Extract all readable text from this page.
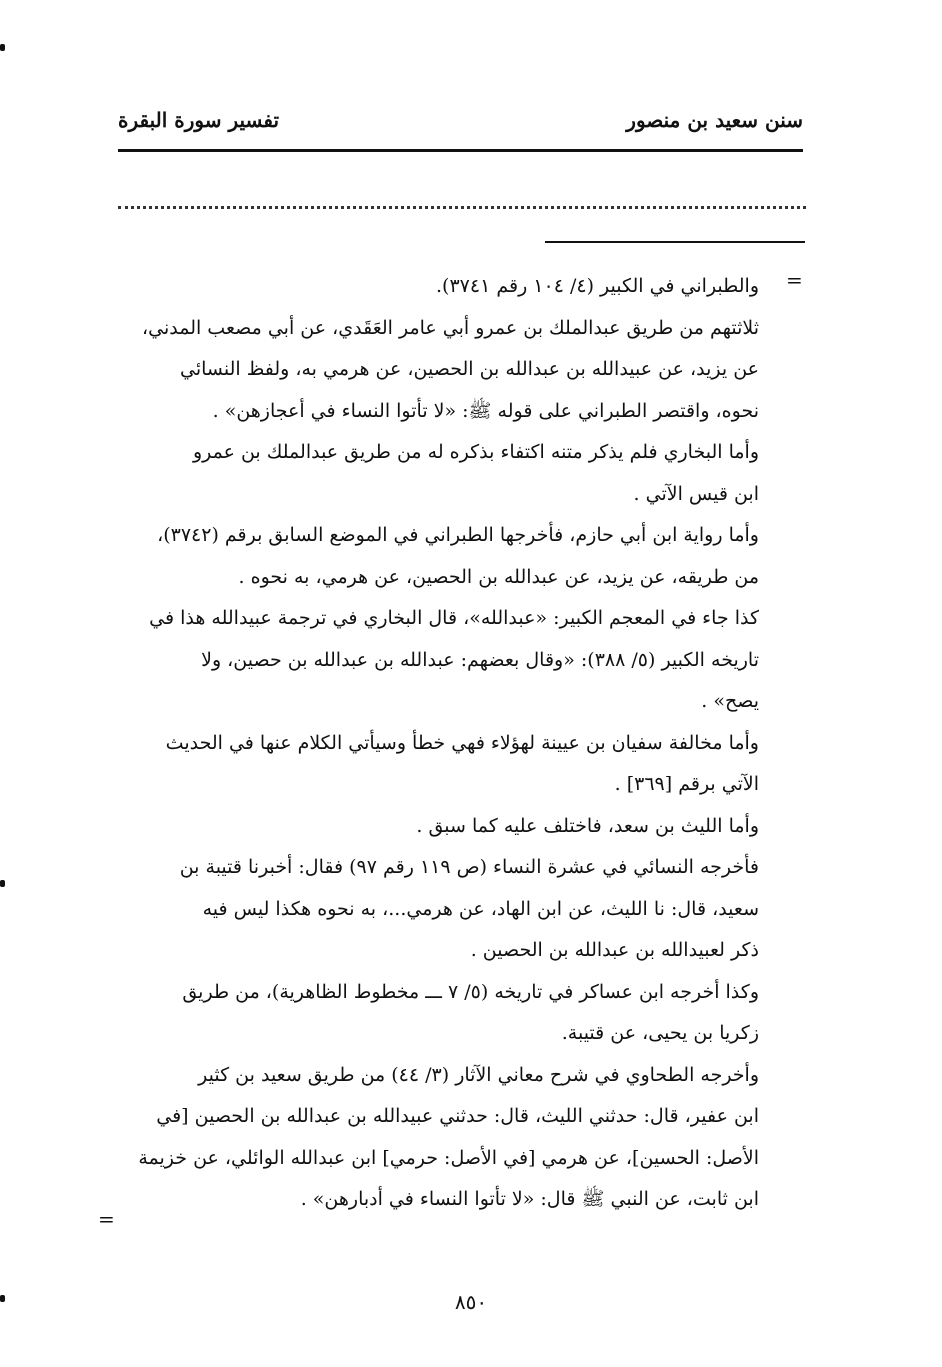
سنن سعيد بن منصور
تفسير سورة البقرة
=
والطبراني في الكبير (٤/ ١٠٤ رقم ٣٧٤١).
ثلاثتهم من طريق عبدالملك بن عمرو أبي عامر العَقَدي، عن أبي مصعب المدني،
عن يزيد، عن عبيدالله بن عبدالله بن الحصين، عن هرمي به، ولفظ النسائي
نحوه، واقتصر الطبراني على قوله ﷺ: «لا تأتوا النساء في أعجازهن» .
وأما البخاري فلم يذكر متنه اكتفاء بذكره له من طريق عبدالملك بن عمرو
ابن قيس الآتي .
وأما رواية ابن أبي حازم، فأخرجها الطبراني في الموضع السابق برقم (٣٧٤٢)،
من طريقه، عن يزيد، عن عبدالله بن الحصين، عن هرمي، به نحوه .
كذا جاء في المعجم الكبير: «عبدالله»، قال البخاري في ترجمة عبيدالله هذا في
تاريخه الكبير (٥/ ٣٨٨): «وقال بعضهم: عبدالله بن عبدالله بن حصين، ولا
يصح» .
وأما مخالفة سفيان بن عيينة لهؤلاء فهي خطأ وسيأتي الكلام عنها في الحديث
الآتي برقم [٣٦٩] .
وأما الليث بن سعد، فاختلف عليه كما سبق .
فأخرجه النسائي في عشرة النساء (ص ١١٩ رقم ٩٧) فقال: أخبرنا قتيبة بن
سعيد، قال: نا الليث، عن ابن الهاد، عن هرمي...، به نحوه هكذا ليس فيه
ذكر لعبيدالله بن عبدالله بن الحصين .
وكذا أخرجه ابن عساكر في تاريخه (٥/ ٧ ـــ مخطوط الظاهرية)، من طريق
زكريا بن يحيى، عن قتيبة.
وأخرجه الطحاوي في شرح معاني الآثار (٣/ ٤٤) من طريق سعيد بن كثير
ابن عفير، قال: حدثني الليث، قال: حدثني عبيدالله بن عبدالله بن الحصين [في
الأصل: الحسين]، عن هرمي [في الأصل: حرمي] ابن عبدالله الوائلي، عن خزيمة
ابن ثابت، عن النبي ﷺ قال: «لا تأتوا النساء في أدبارهن» .
=
٨٥٠
